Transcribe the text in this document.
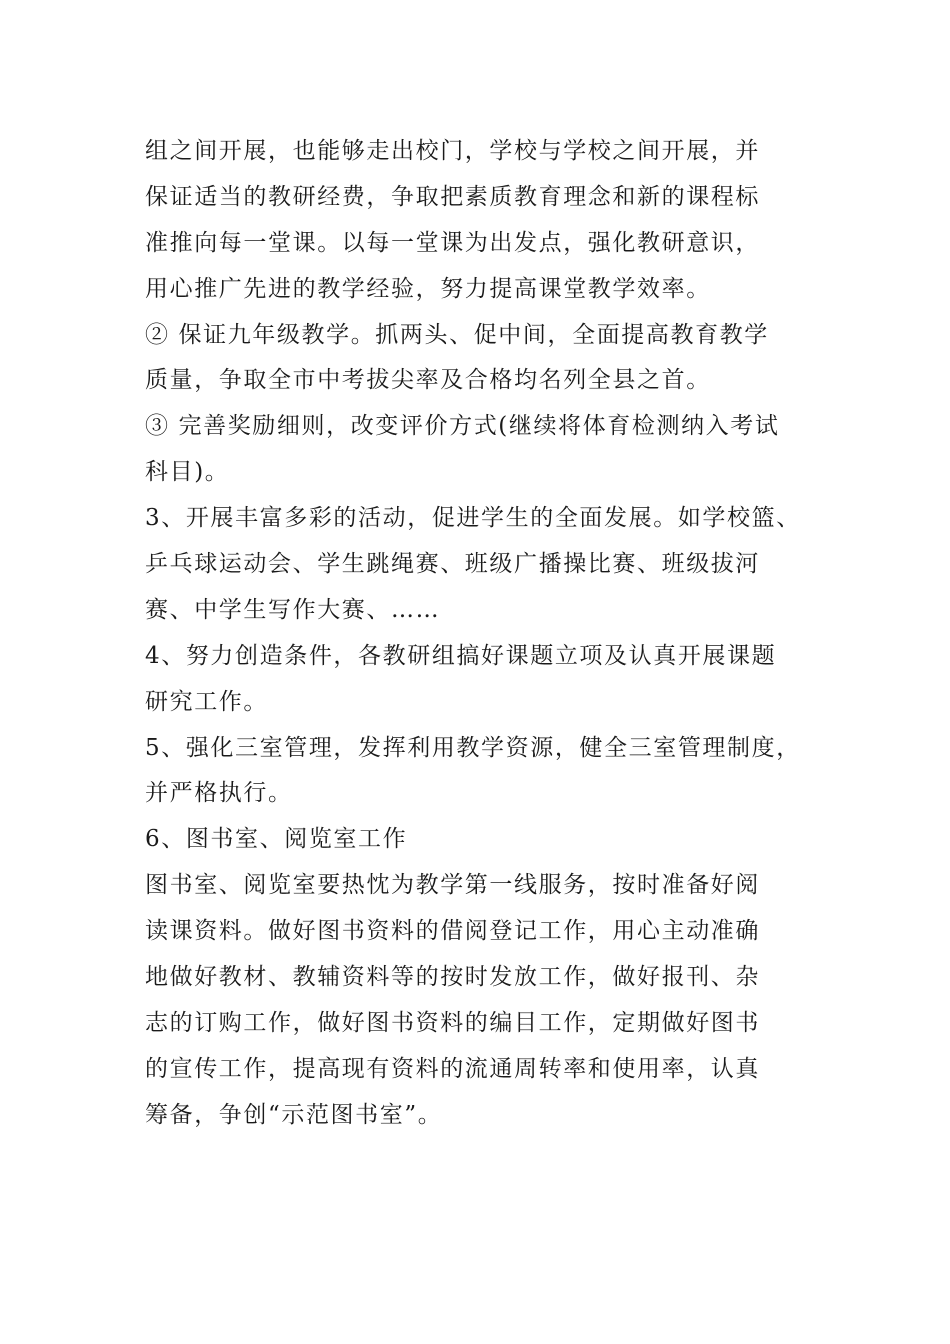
组之间开展，也能够走出校门，学校与学校之间开展，并
保证适当的教研经费，争取把素质教育理念和新的课程标
准推向每一堂课。以每一堂课为出发点，强化教研意识，
用心推广先进的教学经验，努力提高课堂教学效率。
② 保证九年级教学。抓两头、促中间，全面提高教育教学
质量，争取全市中考拔尖率及合格均名列全县之首。
③ 完善奖励细则，改变评价方式(继续将体育检测纳入考试
科目)。
3、开展丰富多彩的活动，促进学生的全面发展。如学校篮、
乒乓球运动会、学生跳绳赛、班级广播操比赛、班级拔河
赛、中学生写作大赛、……
4、努力创造条件，各教研组搞好课题立项及认真开展课题
研究工作。
5、强化三室管理，发挥利用教学资源，健全三室管理制度，
并严格执行。
6、图书室、阅览室工作
图书室、阅览室要热忱为教学第一线服务，按时准备好阅
读课资料。做好图书资料的借阅登记工作，用心主动准确
地做好教材、教辅资料等的按时发放工作，做好报刊、杂
志的订购工作，做好图书资料的编目工作，定期做好图书
的宣传工作，提高现有资料的流通周转率和使用率，认真
筹备，争创“示范图书室”。
